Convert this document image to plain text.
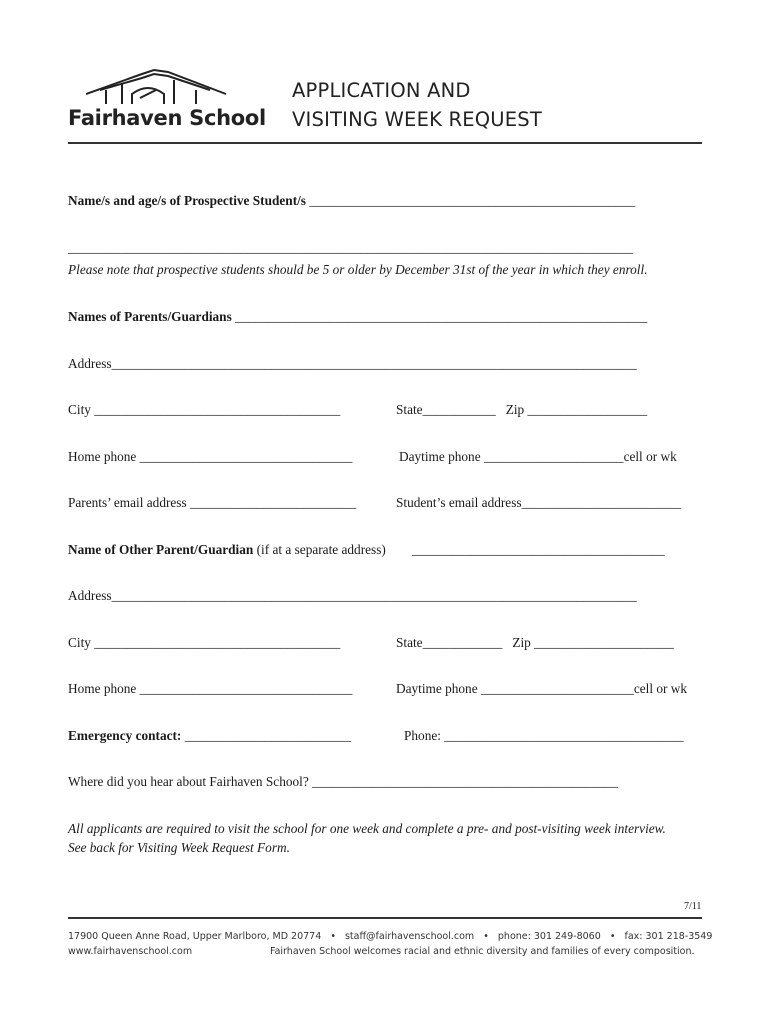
Fairhaven School
APPLICATION AND
VISITING WEEK REQUEST
Name/s and age/s of Prospective Student/s _________________________________________________
_____________________________________________________________________________________
Please note that prospective students should be 5 or older by December 31st of the year in which they enroll.
Names of Parents/Guardians ______________________________________________________________
Address_______________________________________________________________________________
City _____________________________________	State___________ Zip __________________
Home phone ________________________________	Daytime phone _____________________cell or wk
Parents’ email address _________________________	Student’s email address________________________
Name of Other Parent/Guardian (if at a separate address) ______________________________________
Address_______________________________________________________________________________
City _____________________________________	State____________ Zip _____________________
Home phone ________________________________	Daytime phone _______________________cell or wk
Emergency contact: _________________________	Phone: ____________________________________
Where did you hear about Fairhaven School? ______________________________________________
All applicants are required to visit the school for one week and complete a pre- and post-visiting week interview.
See back for Visiting Week Request Form.
7/11
17900 Queen Anne Road, Upper Marlboro, MD 20774 • staff@fairhavenschool.com • phone: 301 249-8060 • fax: 301 218-3549
www.fairhavenschool.com	Fairhaven School welcomes racial and ethnic diversity and families of every composition.
